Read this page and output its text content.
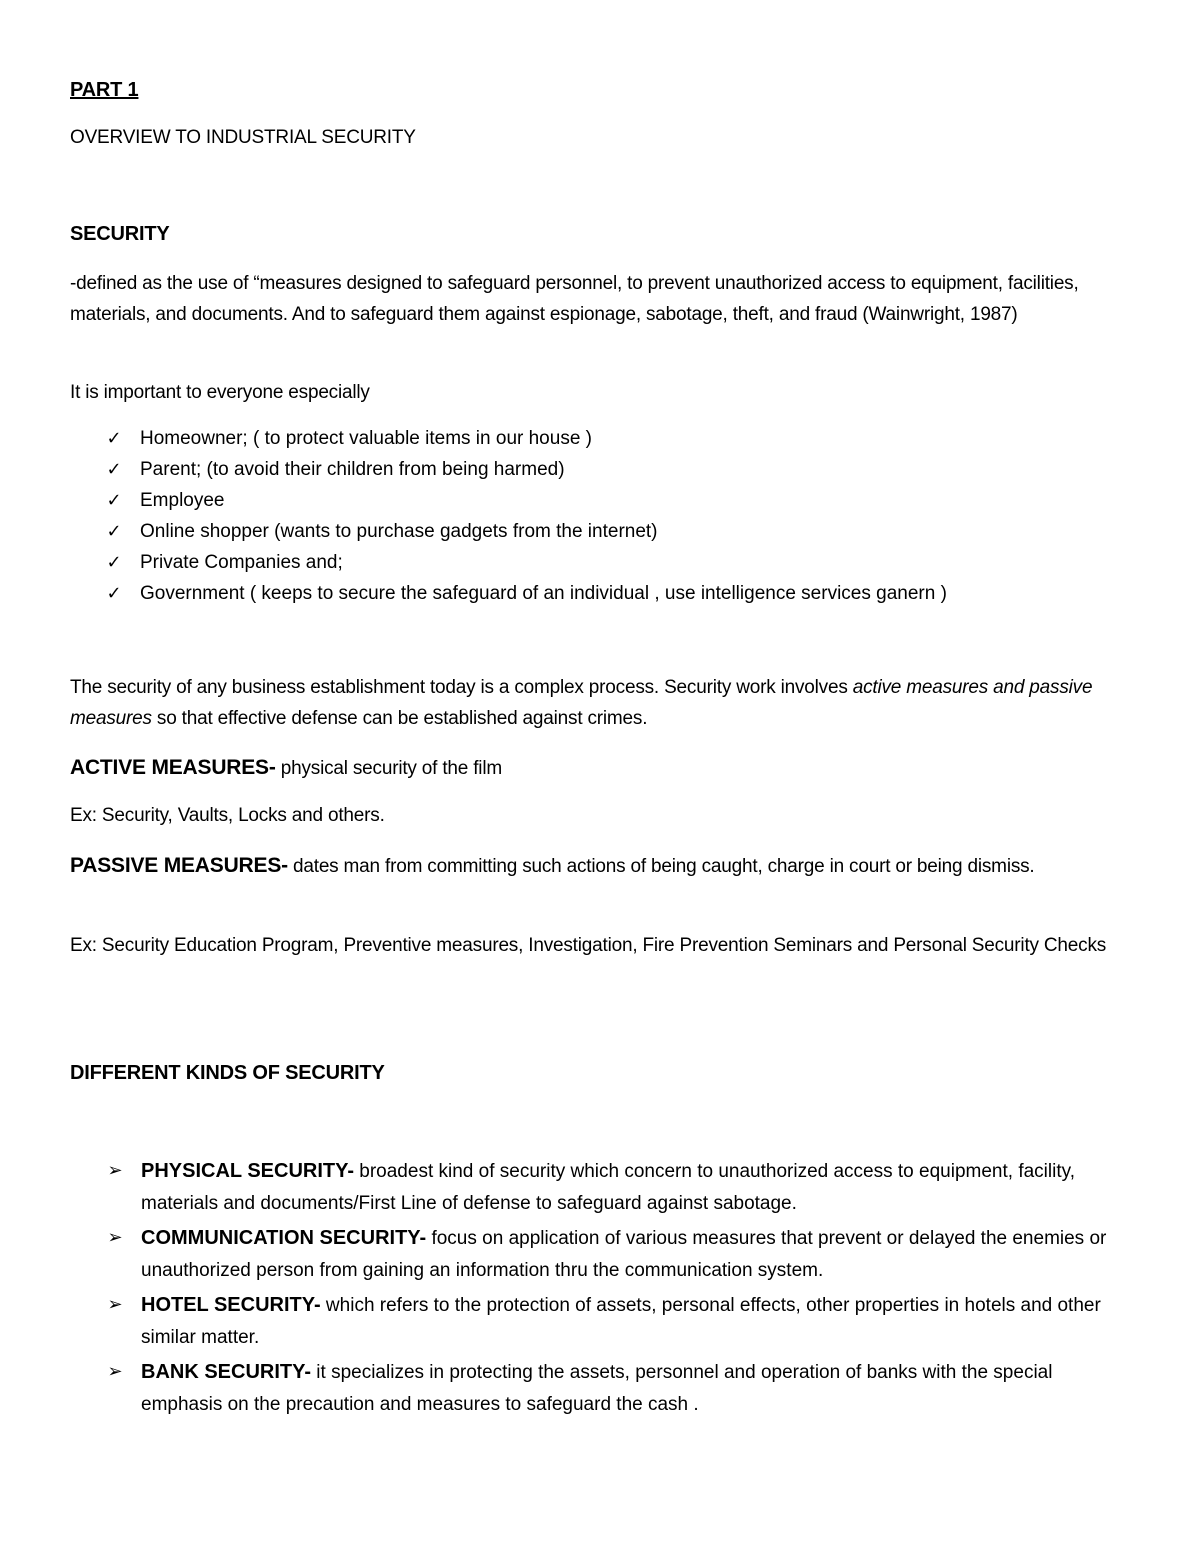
PART 1
OVERVIEW TO INDUSTRIAL SECURITY
SECURITY
-defined as the use of “measures designed to safeguard personnel, to prevent unauthorized access to equipment, facilities, materials, and documents. And to safeguard them against espionage, sabotage, theft, and fraud (Wainwright, 1987)
It is important to everyone especially
✓ Homeowner; ( to protect valuable items in our house )
✓ Parent; (to avoid their children from being harmed)
✓ Employee
✓ Online shopper (wants to purchase gadgets from the internet)
✓ Private Companies and;
✓ Government ( keeps to secure the safeguard of an individual , use intelligence services ganern )
The security of any business establishment today is a complex process. Security work involves active measures and passive measures so that effective defense can be established against crimes.
ACTIVE MEASURES- physical security of the film
Ex: Security, Vaults, Locks and others.
PASSIVE MEASURES- dates man from committing such actions of being caught, charge in court or being dismiss.
Ex: Security Education Program, Preventive measures, Investigation, Fire Prevention Seminars and Personal Security Checks
DIFFERENT KINDS OF SECURITY
➢ PHYSICAL SECURITY- broadest kind of security which concern to unauthorized access to equipment, facility, materials and documents/First Line of defense to safeguard against sabotage.
➢ COMMUNICATION SECURITY- focus on application of various measures that prevent or delayed the enemies or unauthorized person from gaining an information thru the communication system.
➢ HOTEL SECURITY- which refers to the protection of assets, personal effects, other properties in hotels and other similar matter.
➢ BANK SECURITY- it specializes in protecting the assets, personnel and operation of banks with the special emphasis on the precaution and measures to safeguard the cash .
